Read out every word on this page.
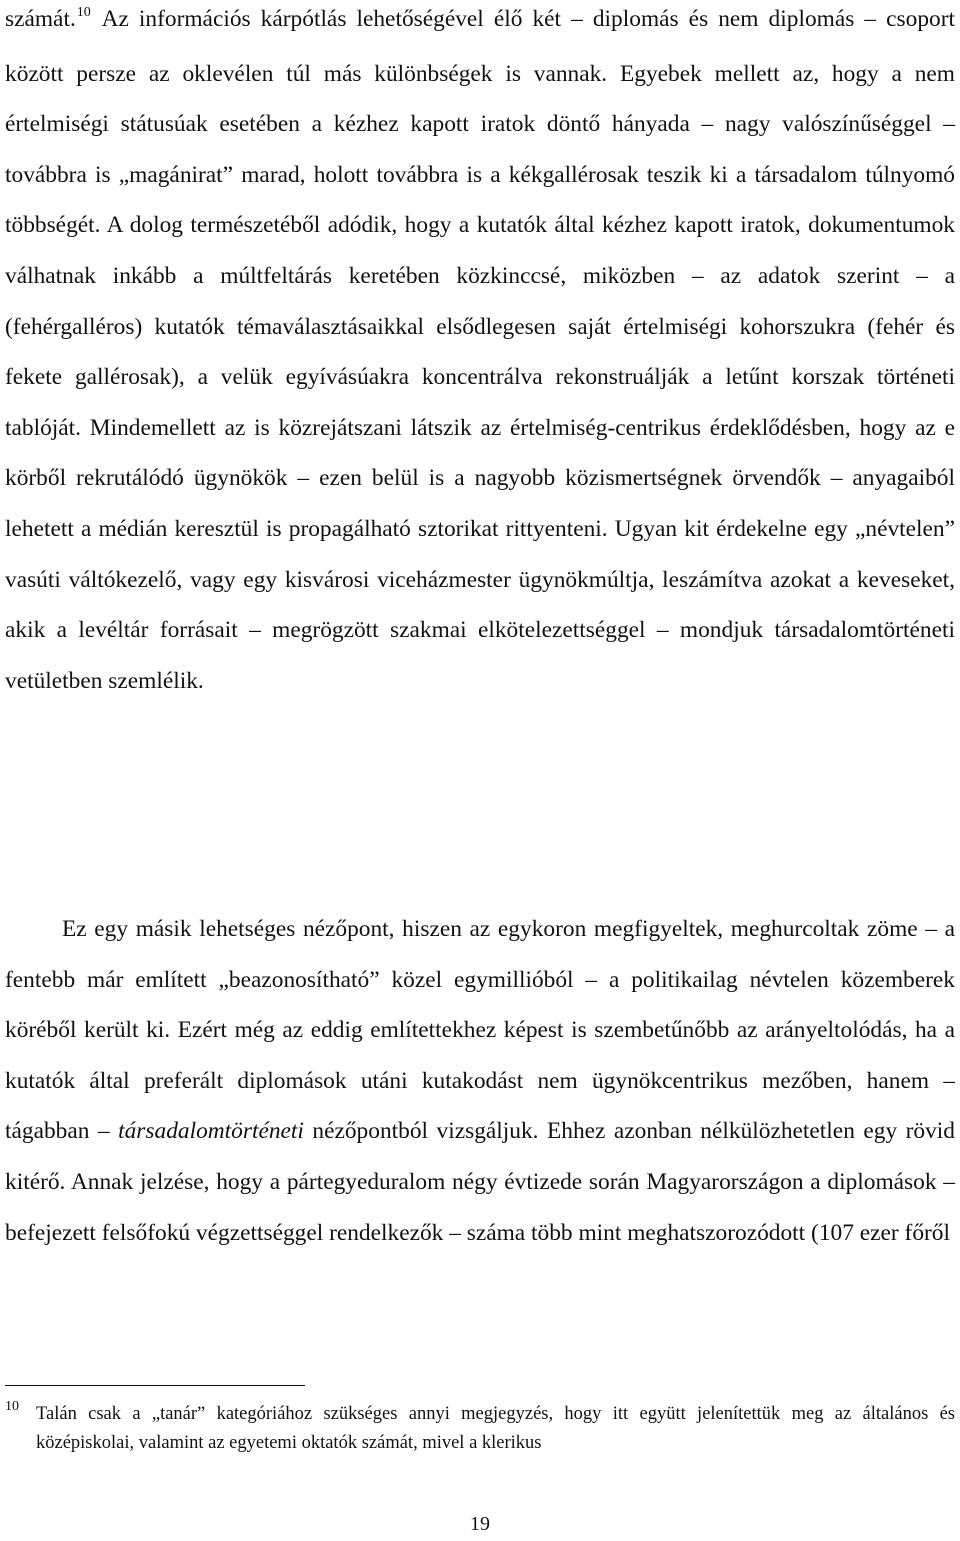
számát.$^{10}$ Az információs kárpótlás lehetőségével élő két – diplomás és nem diplomás – csoport között persze az oklevélen túl más különbségek is vannak. Egyebek mellett az, hogy a nem értelmiségi státusúak esetében a kézhez kapott iratok döntő hányada – nagy valószínűséggel – továbbra is „magánirat” marad, holott továbbra is a kékgallérosak teszik ki a társadalom túlnyomó többségét. A dolog természetéből adódik, hogy a kutatók által kézhez kapott iratok, dokumentumok válhatnak inkább a múltfeltárás keretében közkinccsé, miközben – az adatok szerint – a (fehérgalléros) kutatók témaválasztásaikkal elsődlegesen saját értelmiségi kohorszukra (fehér és fekete gallérosak), a velük egyívásúakra koncentrálva rekonstruálják a letűnt korszak történeti tablóját. Mindemellett az is közrejátszani látszik az értelmiség-centrikus érdeklődésben, hogy az e körből rekrutálódó ügynökök – ezen belül is a nagyobb közismertségnek örvendők – anyagaiból lehetett a médián keresztül is propagálható sztorikat rittyenteni. Ugyan kit érdekelne egy „névtelen” vasúti váltókezelő, vagy egy kisvárosi viceházmester ügynökmúltja, leszámítva azokat a keveseket, akik a levéltár forrásait – megrögzött szakmai elkötelezettséggel – mondjuk társadalomtörténeti vetületben szemlélik.

Ez egy másik lehetséges nézőpont, hiszen az egykoron megfigyeltek, meghurcoltak zöme – a fentebb már említett „beazonosítható” közel egymillióból – a politikailag névtelen közemberek köréből került ki. Ezért még az eddig említettekhez képest is szembetűnőbb az arányeltolódás, ha a kutatók által preferált diplomások utáni kutakodást nem ügynökcentrikus mezőben, hanem – tágabban – társadalomtörténeti nézőpontból vizsgáljuk. Ehhez azonban nélkülözhetetlen egy rövid kitérő. Annak jelzése, hogy a pártegyeduralom négy évtizede során Magyarországon a diplomások – befejezett felsőfokú végzettséggel rendelkezők – száma több mint meghatszorozódott (107 ezer főről

10 Talán csak a „tanár” kategóriához szükséges annyi megjegyzés, hogy itt együtt jelenítettük meg az általános és középiskolai, valamint az egyetemi oktatók számát, mivel a klerikus

19
